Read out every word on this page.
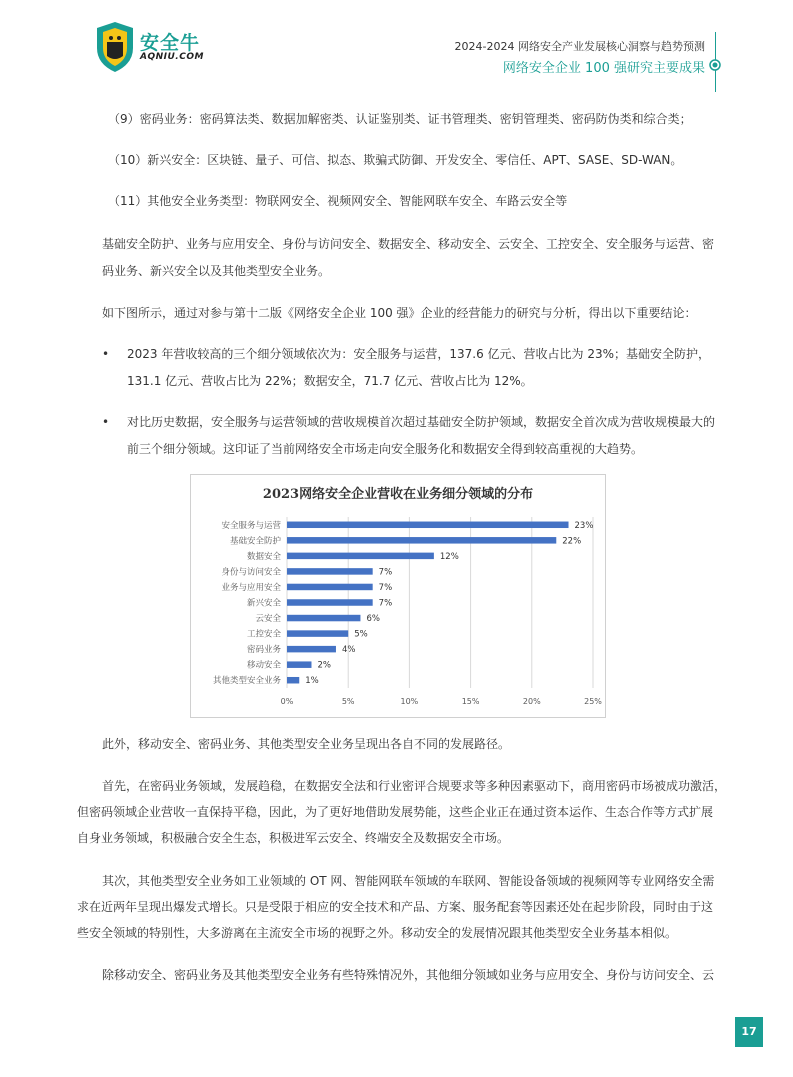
安全牛
AQNIU.COM
2024-2024 网络安全产业发展核心洞察与趋势预测
网络安全企业 100 强研究主要成果
（9）密码业务：密码算法类、数据加解密类、认证鉴别类、证书管理类、密钥管理类、密码防伪类和综合类；
（10）新兴安全：区块链、量子、可信、拟态、欺骗式防御、开发安全、零信任、APT、SASE、SD-WAN。
（11）其他安全业务类型：物联网安全、视频网安全、智能网联车安全、车路云安全等
基础安全防护、业务与应用安全、身份与访问安全、数据安全、移动安全、云安全、工控安全、安全服务与运营、密
码业务、新兴安全以及其他类型安全业务。
如下图所示，通过对参与第十二版《网络安全企业 100 强》企业的经营能力的研究与分析，得出以下重要结论：
• 2023 年营收较高的三个细分领域依次为：安全服务与运营，137.6 亿元、营收占比为 23%；基础安全防护，
131.1 亿元、营收占比为 22%；数据安全，71.7 亿元、营收占比为 12%。
• 对比历史数据，安全服务与运营领域的营收规模首次超过基础安全防护领域，数据安全首次成为营收规模最大的
前三个细分领域。这印证了当前网络安全市场走向安全服务化和数据安全得到较高重视的大趋势。
2023网络安全企业营收在业务细分领域的分布
0%	5%	10%	15%	20%	25%
安全服务与运营	23%
基础安全防护	22%
数据安全	12%
身份与访问安全	7%
业务与应用安全	7%
新兴安全	7%
云安全	6%
工控安全	5%
密码业务	4%
移动安全	2%
其他类型安全业务	1%
此外，移动安全、密码业务、其他类型安全业务呈现出各自不同的发展路径。
首先，在密码业务领域，发展趋稳，在数据安全法和行业密评合规要求等多种因素驱动下，商用密码市场被成功激活，
但密码领域企业营收一直保持平稳，因此，为了更好地借助发展势能，这些企业正在通过资本运作、生态合作等方式扩展
自身业务领域，积极融合安全生态，积极进军云安全、终端安全及数据安全市场。
其次，其他类型安全业务如工业领域的 OT 网、智能网联车领域的车联网、智能设备领域的视频网等专业网络安全需
求在近两年呈现出爆发式增长。只是受限于相应的安全技术和产品、方案、服务配套等因素还处在起步阶段，同时由于这
些安全领域的特别性，大多游离在主流安全市场的视野之外。移动安全的发展情况跟其他类型安全业务基本相似。
除移动安全、密码业务及其他类型安全业务有些特殊情况外，其他细分领域如业务与应用安全、身份与访问安全、云
17
